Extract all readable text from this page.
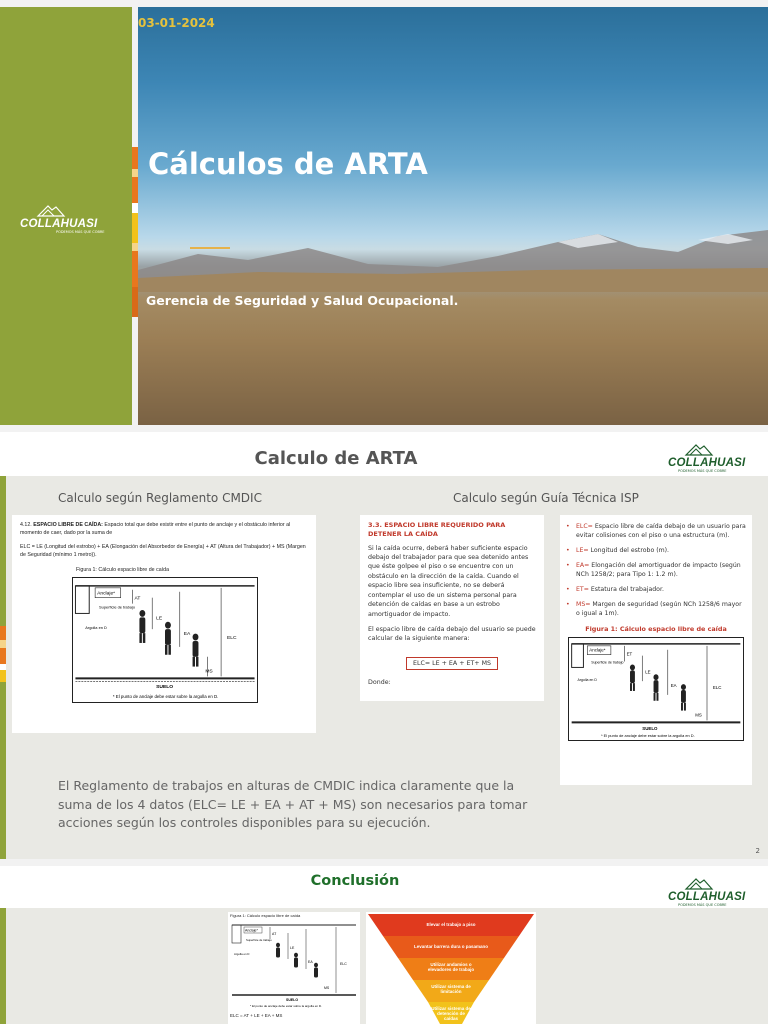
03-01-2024
Cálculos de ARTA
Gerencia de Seguridad y Salud Ocupacional.
COLLAHUASI
PODEMOS MÁS QUE COBRE
Calculo de ARTA	COLLAHUASI
PODEMOS MÁS QUE COBRE
Calculo según Reglamento CMDIC	Calculo según Guía Técnica ISP
4.12. ESPACIO LIBRE DE CAÍDA: Espacio total que debe existir entre el punto de anclaje y el obstáculo inferior al momento de caer, dado por la suma de
ELC = LE (Longitud del estrobo) + EA (Elongación del Absorbedor de Energía) + AT (Altura del Trabajador) + MS (Margen de Seguridad (mínimo 1 metro)).
Figura 1: Cálculo espacio libre de caída
Anclaje*
Superficie de trabajo
Argolla en D
AT
LE
EA
ELC
MS
SUELO
* El punto de anclaje debe estar sobre la argolla en D.
3.3. ESPACIO LIBRE REQUERIDO PARA DETENER LA CAÍDA
Si la caída ocurre, deberá haber suficiente espacio debajo del trabajador para que sea detenido antes que éste golpee el piso o se encuentre con un obstáculo en la dirección de la caída. Cuando el espacio libre sea insuficiente, no se deberá contemplar el uso de un sistema personal para detención de caídas en base a un estrobo amortiguador de impacto.
El espacio libre de caída debajo del usuario se puede calcular de la siguiente manera:
ELC= LE + EA + ET+ MS
Donde:
• ELC= Espacio libre de caída debajo de un usuario para evitar colisiones con el piso o una estructura (m).
• LE= Longitud del estrobo (m).
• EA= Elongación del amortiguador de impacto (según NCh 1258/2; para Tipo 1: 1.2 m).
• ET= Estatura del trabajador.
• MS= Margen de seguridad (según NCh 1258/6 mayor o igual a 1m).
Figura 1: Cálculo espacio libre de caída
Anclaje*
Superficie de trabajo
Argolla en D
ET
LE
EA	ELC
MS
SUELO
* El punto de anclaje debe estar sobre la argolla en D.

El Reglamento de trabajos en alturas de CMDIC indica claramente que la suma de los 4 datos (ELC= LE + EA + AT + MS) son necesarios para tomar acciones según los controles disponibles para su ejecución.

2
Conclusión
COLLAHUASI
PODEMOS MÁS QUE COBRE
Figura 1: Cálculo espacio libre de caída
Anclaje*
Superficie de trabajo
Argolla en D
AT
LE
EA	ELC
MS
SUELO
* El punto de anclaje debe estar sobre la argolla en D.
ELC = AT + LE + EA + MS
Elevar el trabajo a piso
Levantar barrera dura o pasamano
Utilizar andamios o elevadores de trabajo
Utilizar sistema de limitación
Utilizar sistema de detención de caídas
